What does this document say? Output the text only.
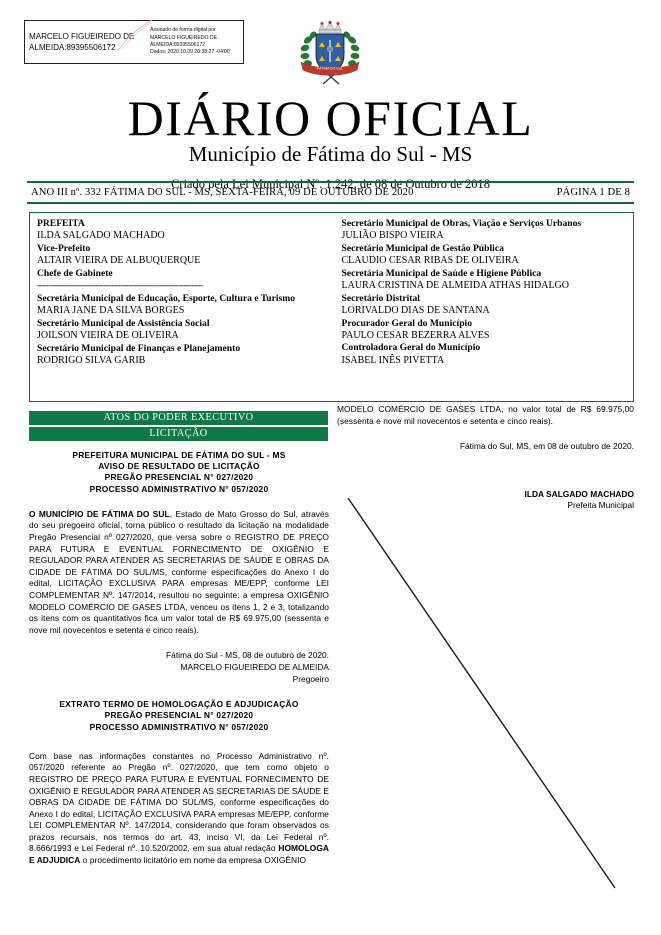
MARCELO FIGUEIREDO DE
ALMEIDA:89395506172
Assinado de forma digital por
MARCELO FIGUEIREDO DE
ALMEIDA:89395506172
Dados: 2020.10.09 20:38:27 -04'00'
FÁTIMA DO SUL
DIÁRIO OFICIAL
Município de Fátima do Sul - MS
Criado pela Lei Municipal Nº. 1.242, de 08 de Outubro de 2018
ANO III nº. 332 FÁTIMA DO SUL - MS, SEXTA-FEIRA, 09 DE OUTUBRO DE 2020	PÁGINA 1 DE 8
PREFEITA
ILDA SALGADO MACHADO
Vice-Prefeito
ALTAIR VIEIRA DE ALBUQUERQUE
Chefe de Gabinete
------------------------------------------------------------
Secretária Municipal de Educação, Esporte, Cultura e Turismo
MARIA JANE DA SILVA BORGES
Secretário Municipal de Assistência Social
JOILSON VIEIRA DE OLIVEIRA
Secretário Municipal de Finanças e Planejamento
RODRIGO SILVA GARIB
Secretário Municipal de Obras, Viação e Serviços Urbanos
JULIÃO BISPO VIEIRA
Secretário Municipal de Gestão Pública
CLAUDIO CESAR RIBAS DE OLIVEIRA
Secretária Municipal de Saúde e Higiene Pública
LAURA CRISTINA DE ALMEIDA ATHAS HIDALGO
Secretário Distrital
LORIVALDO DIAS DE SANTANA
Procurador Geral do Município
PAULO CESAR BEZERRA ALVES
Controladora Geral do Município
ISABEL INÊS PIVETTA
ATOS DO PODER EXECUTIVO
LICITAÇÃO
PREFEITURA MUNICIPAL DE FÁTIMA DO SUL - MS
AVISO DE RESULTADO DE LICITAÇÃO
PREGÃO PRESENCIAL N° 027/2020
PROCESSO ADMINISTRATIVO N° 057/2020
O MUNICÍPIO DE FÁTIMA DO SUL, Estado de Mato Grosso do Sul, através do seu pregoeiro oficial, torna público o resultado da licitação na modalidade Pregão Presencial nº 027/2020, que versa sobre o REGISTRO DE PREÇO PARA FUTURA E EVENTUAL FORNECIMENTO DE OXIGÊNIO E REGULADOR PARA ATENDER AS SECRETARIAS DE SÁUDE E OBRAS DA CIDADE DE FÁTIMA DO SUL/MS, conforme especificações do Anexo I do edital, LICITAÇÃO EXCLUSIVA PARA empresas ME/EPP, conforme LEI COMPLEMENTAR Nº. 147/2014, resultou no seguinte: a empresa OXIGÊNIO MODELO COMÉRCIO DE GASES LTDA, venceu os itens 1, 2 e 3, totalizando os itens com os quantitativos fica um valor total de R$ 69.975,00 (sessenta e nove mil novecentos e setenta e cinco reais).
Fátima do Sul - MS, 08 de outubro de 2020.
MARCELO FIGUEIREDO DE ALMEIDA
Pregoeiro
EXTRATO TERMO DE HOMOLOGAÇÃO E ADJUDICAÇÃO
PREGÃO PRESENCIAL N° 027/2020
PROCESSO ADMINISTRATIVO N° 057/2020
Com base nas informações constantes no Processo Administrativo nº. 057/2020 referente ao Pregão nº. 027/2020, que tem como objeto o REGISTRO DE PREÇO PARA FUTURA E EVENTUAL FORNECIMENTO DE OXIGÊNIO E REGULADOR PARA ATENDER AS SECRETARIAS DE SÁUDE E OBRAS DA CIDADE DE FÁTIMA DO SUL/MS, conforme especificações do Anexo I do edital, LICITAÇÃO EXCLUSIVA PARA empresas ME/EPP, conforme LEI COMPLEMENTAR Nº. 147/2014, considerando que foram observados os prazos recursais, nos termos do art. 43, inciso VI, da Lei Federal nº. 8.666/1993 e Lei Federal nº. 10.520/2002, em sua atual redação HOMOLOGA E ADJUDICA o procedimento licitatório em nome da empresa OXIGÊNIO
MODELO COMÉRCIO DE GASES LTDA, no valor total de R$ 69.975,00 (sessenta e nove mil novecentos e setenta e cinco reais).
Fátima do Sul, MS, em 08 de outubro de 2020.
ILDA SALGADO MACHADO
Prefeita Municipal
